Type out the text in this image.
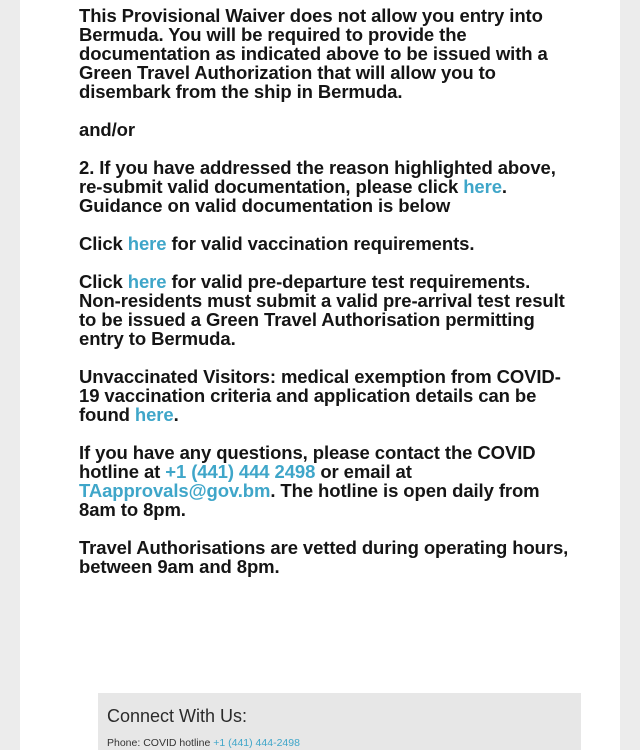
This Provisional Waiver does not allow you entry into Bermuda. You will be required to provide the documentation as indicated above to be issued with a Green Travel Authorization that will allow you to disembark from the ship in Bermuda.

and/or

2. If you have addressed the reason highlighted above, re-submit valid documentation, please click here. Guidance on valid documentation is below

Click here for valid vaccination requirements.

Click here for valid pre-departure test requirements.
Non-residents must submit a valid pre-arrival test result to be issued a Green Travel Authorisation permitting entry to Bermuda.

Unvaccinated Visitors: medical exemption from COVID-19 vaccination criteria and application details can be found here.

If you have any questions, please contact the COVID hotline at +1 (441) 444 2498 or email at TAapprovals@gov.bm. The hotline is open daily from 8am to 8pm.

Travel Authorisations are vetted during operating hours, between 9am and 8pm.

Connect With Us:
Phone: COVID hotline +1 (441) 444-2498
